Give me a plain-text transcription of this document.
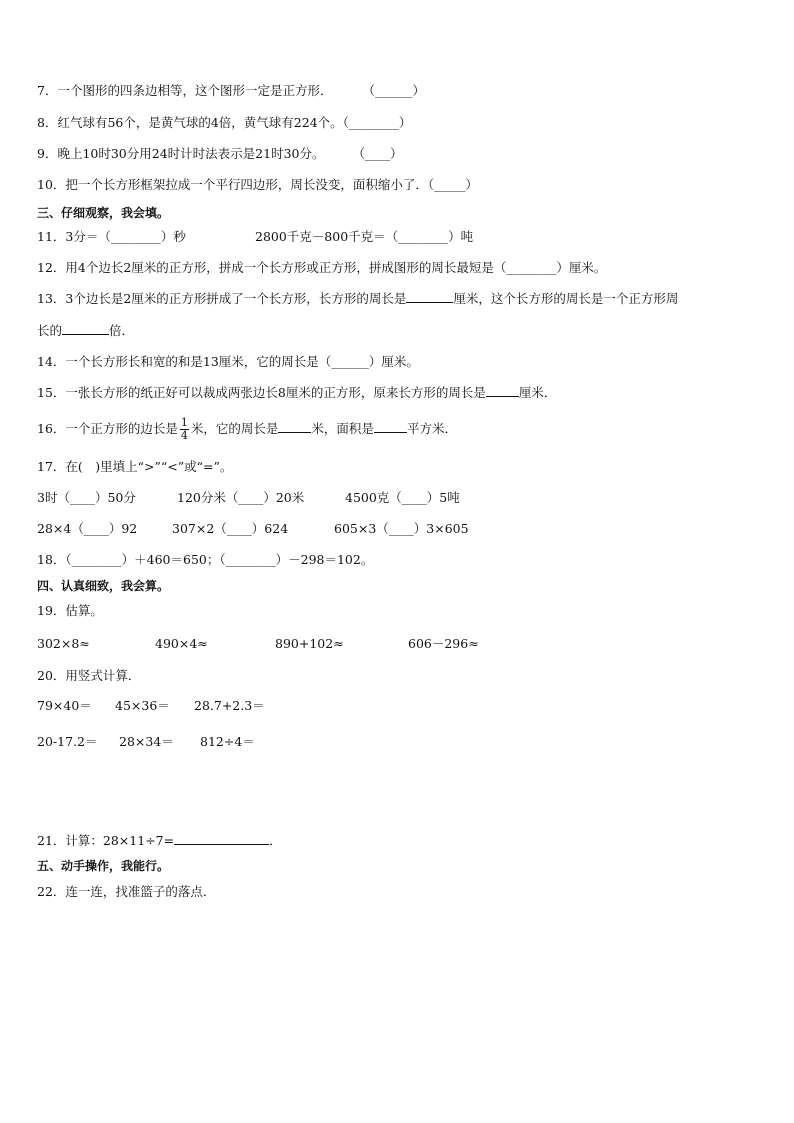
7．一个图形的四条边相等，这个图形一定是正方形． （______）
8．红气球有56个，是黄气球的4倍，黄气球有224个。（________）
9．晚上10时30分用24时计时法表示是21时30分。 （____）
10．把一个长方形框架拉成一个平行四边形，周长没变，面积缩小了．（_____）
三、仔细观察，我会填。
11．3分＝（________）秒	2800千克－800千克＝（________）吨
12．用4个边长2厘米的正方形，拼成一个长方形或正方形，拼成图形的周长最短是（________）厘米。
13．3个边长是2厘米的正方形拼成了一个长方形，长方形的周长是	厘米，这个长方形的周长是一个正方形周
长的	倍．
14．一个长方形长和宽的和是13厘米，它的周长是（______）厘米。
15．一张长方形的纸正好可以裁成两张边长8厘米的正方形，原来长方形的周长是	厘米．
16．一个正方形的边长是 $\frac{1}{4}$ 米，它的周长是	米，面积是	平方米．
17．在(　)里填上“>”“<”或“=”。
3时（____）50分	120分米（____）20米	4500克（____）5吨
28×4（____）92	307×2（____）624	605×3（____）3×605
18．（________）＋460＝650；（________）－298＝102。
四、认真细致，我会算。
19．估算。
302×8≈	490×4≈	890+102≈	606－296≈
20．用竖式计算．
79×40＝ 45×36＝ 28.7+2.3＝
20-17.2＝ 28×34＝ 812÷4＝
21．计算：28×11÷7=	．
五、动手操作，我能行。
22．连一连，找准篮子的落点．
